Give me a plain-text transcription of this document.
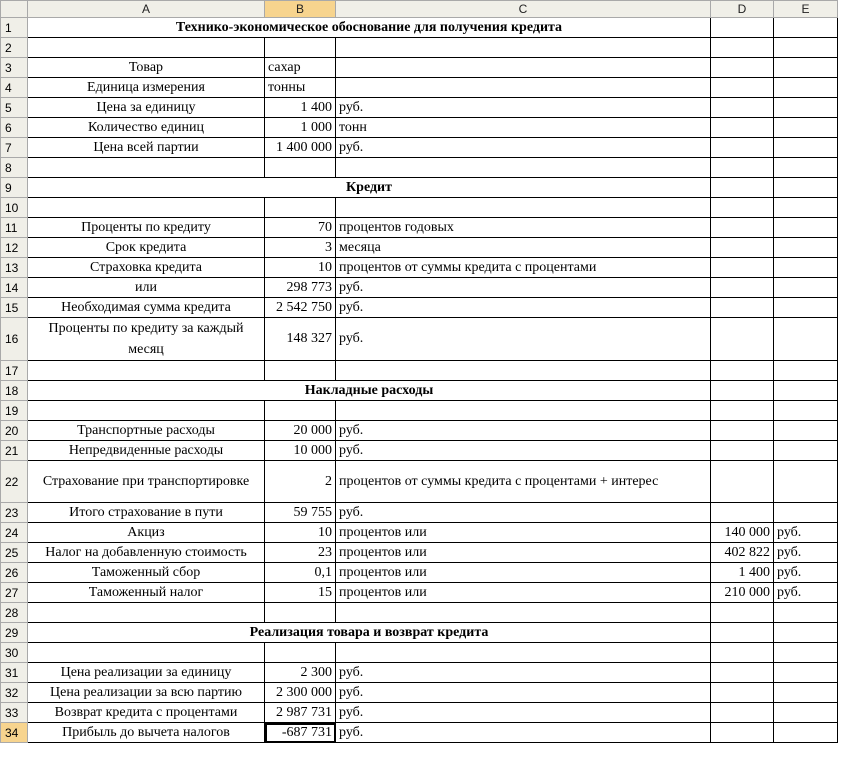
	A	B	C	D	E
1	Технико-экономическое обоснование для получения кредита				
2					
3	Товар	сахар			
4	Единица измерения	тонны			
5	Цена за единицу	1 400	руб.		
6	Количество единиц	1 000	тонн		
7	Цена всей партии	1 400 000	руб.		
8					
9	Кредит				
10					
11	Проценты по кредиту	70	процентов годовых		
12	Срок кредита	3	месяца		
13	Страховка кредита	10	процентов от суммы кредита с процентами		
14	или	298 773	руб.		
15	Необходимая сумма кредита	2 542 750	руб.		
16	Проценты по кредиту за каждый месяц	148 327	руб.		
17					
18	Накладные расходы				
19					
20	Транспортные расходы	20 000	руб.		
21	Непредвиденные расходы	10 000	руб.		
22	Страхование при транспортировке	2	процентов от суммы кредита с процентами + интерес		
23	Итого страхование в пути	59 755	руб.		
24	Акциз	10	процентов или	140 000	руб.
25	Налог на добавленную стоимость	23	процентов или	402 822	руб.
26	Таможенный сбор	0,1	процентов или	1 400	руб.
27	Таможенный налог	15	процентов или	210 000	руб.
28					
29	Реализация товара и возврат кредита				
30					
31	Цена реализации за единицу	2 300	руб.		
32	Цена реализации за всю партию	2 300 000	руб.		
33	Возврат кредита с процентами	2 987 731	руб.		
34	Прибыль до вычета налогов	-687 731	руб.		
